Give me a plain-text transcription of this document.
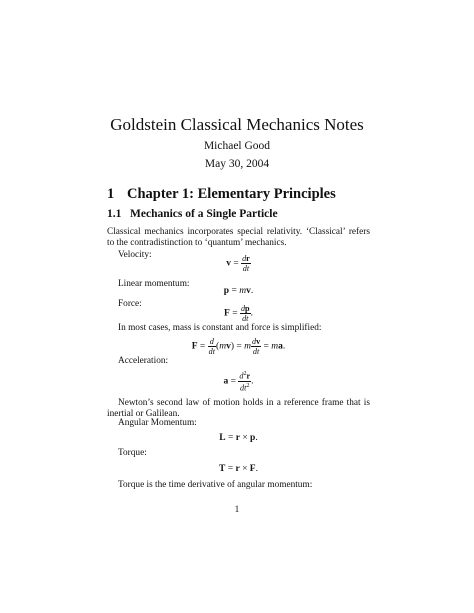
Goldstein Classical Mechanics Notes
Michael Good
May 30, 2004
1 Chapter 1: Elementary Principles
1.1 Mechanics of a Single Particle
Classical mechanics incorporates special relativity. ‘Classical’ refers to the contradistinction to ‘quantum’ mechanics.
Velocity:
$v = \frac{dr}{dt}$
Linear momentum:
p = mv.
Force:
$F = \frac{dp}{dt}$ .
In most cases, mass is constant and force is simplified:
$F = \frac{d}{dt} (mv) = m \frac{dv}{dt}$ = ma.
Acceleration:
$a = \frac{d^2r}{dt^2}$ .
Newton’s second law of motion holds in a reference frame that is inertial or Galilean.
Angular Momentum:
L = r × p.
Torque:
T = r × F.
Torque is the time derivative of angular momentum:
1
